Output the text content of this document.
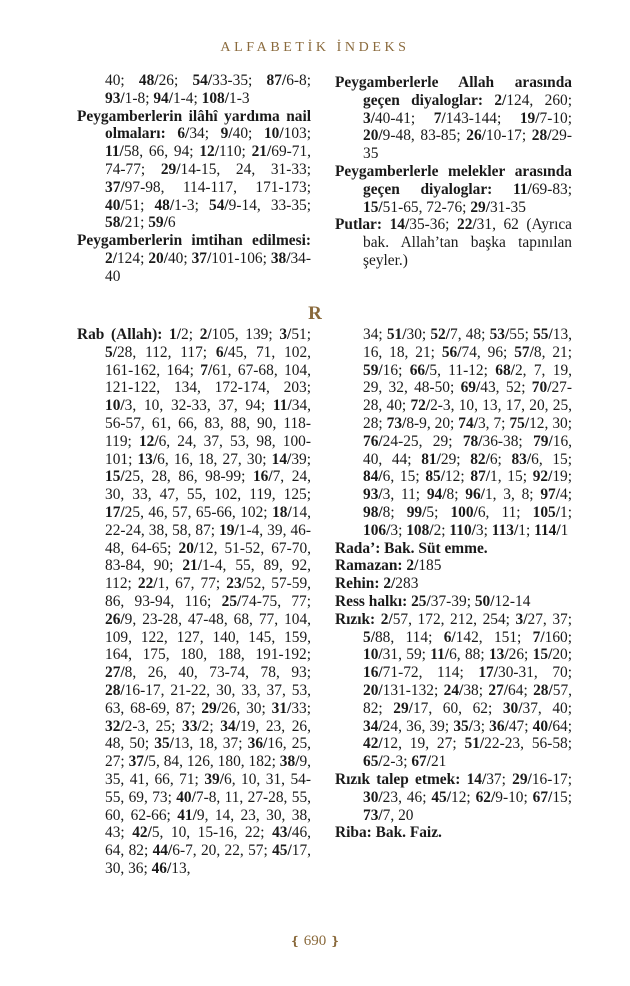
ALFABETİK İNDEKS

40; 48/26; 54/33-35; 87/6-8; 93/1-8; 94/1-4; 108/1-3

Peygamberlerin ilâhî yardıma nail olmaları: 6/34; 9/40; 10/103; 11/58, 66, 94; 12/110; 21/69-71, 74-77; 29/14-15, 24, 31-33; 37/97-98, 114-117, 171-173; 40/51; 48/1-3; 54/9-14, 33-35; 58/21; 59/6

Peygamberlerin imtihan edilmesi: 2/124; 20/40; 37/101-106; 38/34-40

Peygamberlerle Allah arasında geçen diyaloglar: 2/124, 260; 3/40-41; 7/143-144; 19/7-10; 20/9-48, 83-85; 26/10-17; 28/29-35

Peygamberlerle melekler arasında geçen diyaloglar: 11/69-83; 15/51-65, 72-76; 29/31-35

Putlar: 14/35-36; 22/31, 62 (Ayrıca bak. Allah’tan başka tapınılan şeyler.)

R

Rab (Allah): 1/2; 2/105, 139; 3/51; 5/28, 112, 117; 6/45, 71, 102, 161-162, 164; 7/61, 67-68, 104, 121-122, 134, 172-174, 203; 10/3, 10, 32-33, 37, 94; 11/34, 56-57, 61, 66, 83, 88, 90, 118-119; 12/6, 24, 37, 53, 98, 100-101; 13/6, 16, 18, 27, 30; 14/39; 15/25, 28, 86, 98-99; 16/7, 24, 30, 33, 47, 55, 102, 119, 125; 17/25, 46, 57, 65-66, 102; 18/14, 22-24, 38, 58, 87; 19/1-4, 39, 46-48, 64-65; 20/12, 51-52, 67-70, 83-84, 90; 21/1-4, 55, 89, 92, 112; 22/1, 67, 77; 23/52, 57-59, 86, 93-94, 116; 25/74-75, 77; 26/9, 23-28, 47-48, 68, 77, 104, 109, 122, 127, 140, 145, 159, 164, 175, 180, 188, 191-192; 27/8, 26, 40, 73-74, 78, 93; 28/16-17, 21-22, 30, 33, 37, 53, 63, 68-69, 87; 29/26, 30; 31/33; 32/2-3, 25; 33/2; 34/19, 23, 26, 48, 50; 35/13, 18, 37; 36/16, 25, 27; 37/5, 84, 126, 180, 182; 38/9, 35, 41, 66, 71; 39/6, 10, 31, 54-55, 69, 73; 40/7-8, 11, 27-28, 55, 60, 62-66; 41/9, 14, 23, 30, 38, 43; 42/5, 10, 15-16, 22; 43/46, 64, 82; 44/6-7, 20, 22, 57; 45/17, 30, 36; 46/13,

34; 51/30; 52/7, 48; 53/55; 55/13, 16, 18, 21; 56/74, 96; 57/8, 21; 59/16; 66/5, 11-12; 68/2, 7, 19, 29, 32, 48-50; 69/43, 52; 70/27-28, 40; 72/2-3, 10, 13, 17, 20, 25, 28; 73/8-9, 20; 74/3, 7; 75/12, 30; 76/24-25, 29; 78/36-38; 79/16, 40, 44; 81/29; 82/6; 83/6, 15; 84/6, 15; 85/12; 87/1, 15; 92/19; 93/3, 11; 94/8; 96/1, 3, 8; 97/4; 98/8; 99/5; 100/6, 11; 105/1; 106/3; 108/2; 110/3; 113/1; 114/1

Rada’: Bak. Süt emme.

Ramazan: 2/185

Rehin: 2/283

Ress halkı: 25/37-39; 50/12-14

Rızık: 2/57, 172, 212, 254; 3/27, 37; 5/88, 114; 6/142, 151; 7/160; 10/31, 59; 11/6, 88; 13/26; 15/20; 16/71-72, 114; 17/30-31, 70; 20/131-132; 24/38; 27/64; 28/57, 82; 29/17, 60, 62; 30/37, 40; 34/24, 36, 39; 35/3; 36/47; 40/64; 42/12, 19, 27; 51/22-23, 56-58; 65/2-3; 67/21

Rızık talep etmek: 14/37; 29/16-17; 30/23, 46; 45/12; 62/9-10; 67/15; 73/7, 20

Riba: Bak. Faiz.

❴ 690 ❵
